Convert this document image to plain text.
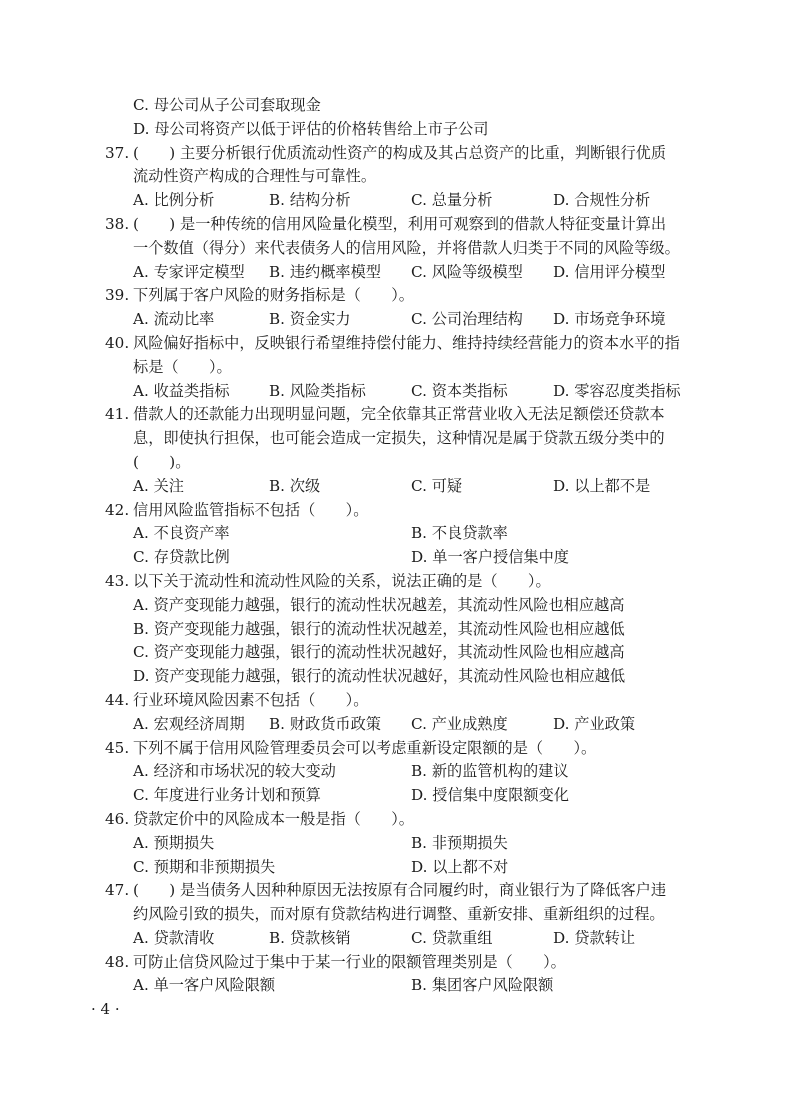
C. 母公司从子公司套取现金
D. 母公司将资产以低于评估的价格转售给上市子公司
37. (　　) 主要分析银行优质流动性资产的构成及其占总资产的比重，判断银行优质
流动性资产构成的合理性与可靠性。
A. 比例分析	B. 结构分析	C. 总量分析	D. 合规性分析
38. (　　) 是一种传统的信用风险量化模型，利用可观察到的借款人特征变量计算出
一个数值（得分）来代表债务人的信用风险，并将借款人归类于不同的风险等级。
A. 专家评定模型 B. 违约概率模型 C. 风险等级模型 D. 信用评分模型
39. 下列属于客户风险的财务指标是（　　）。
A. 流动比率	B. 资金实力	C. 公司治理结构 D. 市场竞争环境
40. 风险偏好指标中，反映银行希望维持偿付能力、维持持续经营能力的资本水平的指
标是（　　）。
A. 收益类指标	B. 风险类指标	C. 资本类指标	D. 零容忍度类指标
41. 借款人的还款能力出现明显问题，完全依靠其正常营业收入无法足额偿还贷款本
息，即使执行担保，也可能会造成一定损失，这种情况是属于贷款五级分类中的
(　　)。
A. 关注	B. 次级	C. 可疑	D. 以上都不是
42. 信用风险监管指标不包括（　　）。
A. 不良资产率	B. 不良贷款率
C. 存贷款比例	D. 单一客户授信集中度
43. 以下关于流动性和流动性风险的关系，说法正确的是（　　）。
A. 资产变现能力越强，银行的流动性状况越差，其流动性风险也相应越高
B. 资产变现能力越强，银行的流动性状况越差，其流动性风险也相应越低
C. 资产变现能力越强，银行的流动性状况越好，其流动性风险也相应越高
D. 资产变现能力越强，银行的流动性状况越好，其流动性风险也相应越低
44. 行业环境风险因素不包括（　　）。
A. 宏观经济周期 B. 财政货币政策 C. 产业成熟度	D. 产业政策
45. 下列不属于信用风险管理委员会可以考虑重新设定限额的是（　　）。
A. 经济和市场状况的较大变动	B. 新的监管机构的建议
C. 年度进行业务计划和预算	D. 授信集中度限额变化
46. 贷款定价中的风险成本一般是指（　　）。
A. 预期损失	B. 非预期损失
C. 预期和非预期损失	D. 以上都不对
47. (　　) 是当债务人因种种原因无法按原有合同履约时，商业银行为了降低客户违
约风险引致的损失，而对原有贷款结构进行调整、重新安排、重新组织的过程。
A. 贷款清收	B. 贷款核销	C. 贷款重组	D. 贷款转让
48. 可防止信贷风险过于集中于某一行业的限额管理类别是（　　）。
A. 单一客户风险限额	B. 集团客户风险限额
· 4 ·
